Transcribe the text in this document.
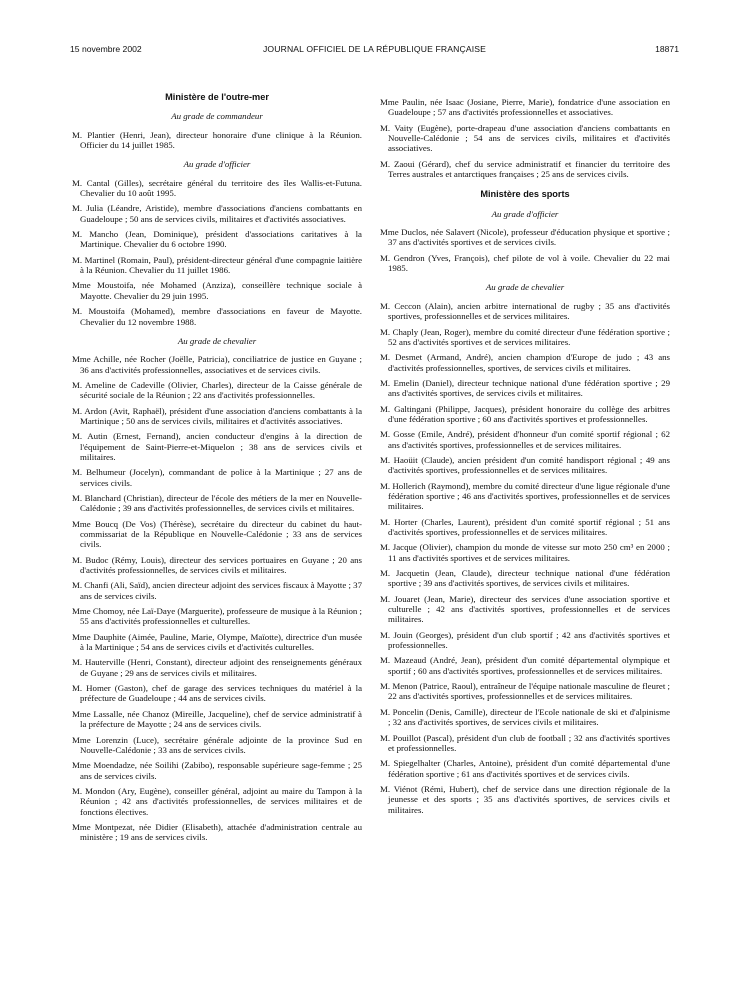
15 novembre 2002	JOURNAL OFFICIEL DE LA RÉPUBLIQUE FRANÇAISE	18871
Ministère de l'outre-mer
Au grade de commandeur

M. Plantier (Henri, Jean), directeur honoraire d'une clinique à la Réunion. Officier du 14 juillet 1985.

Au grade d'officier

M. Cantal (Gilles), secrétaire général du territoire des îles Wallis-et-Futuna. Chevalier du 10 août 1995.

M. Julia (Léandre, Aristide), membre d'associations d'anciens combattants en Guadeloupe ; 50 ans de services civils, militaires et d'activités associatives.

M. Mancho (Jean, Dominique), président d'associations caritatives à la Martinique. Chevalier du 6 octobre 1990.

M. Martinel (Romain, Paul), président-directeur général d'une compagnie laitière à la Réunion. Chevalier du 11 juillet 1986.

Mme Moustoifa, née Mohamed (Anziza), conseillère technique sociale à Mayotte. Chevalier du 29 juin 1995.

M. Moustoifa (Mohamed), membre d'associations en faveur de Mayotte. Chevalier du 12 novembre 1988.

Au grade de chevalier

Mme Achille, née Rocher (Joëlle, Patricia), conciliatrice de justice en Guyane ; 36 ans d'activités professionnelles, associatives et de services civils.

M. Ameline de Cadeville (Olivier, Charles), directeur de la Caisse générale de sécurité sociale de la Réunion ; 22 ans d'activités professionnelles.

M. Ardon (Avit, Raphaël), président d'une association d'anciens combattants à la Martinique ; 50 ans de services civils, militaires et d'activités associatives.

M. Autin (Ernest, Fernand), ancien conducteur d'engins à la direction de l'équipement de Saint-Pierre-et-Miquelon ; 38 ans de services civils et militaires.

M. Belhumeur (Jocelyn), commandant de police à la Martinique ; 27 ans de services civils.

M. Blanchard (Christian), directeur de l'école des métiers de la mer en Nouvelle-Calédonie ; 39 ans d'activités professionnelles, de services civils et militaires.

Mme Boucq (De Vos) (Thérèse), secrétaire du directeur du cabinet du haut-commissariat de la République en Nouvelle-Calédonie ; 33 ans de services civils.

M. Budoc (Rémy, Louis), directeur des services portuaires en Guyane ; 20 ans d'activités professionnelles, de services civils et militaires.

M. Chanfi (Ali, Saïd), ancien directeur adjoint des services fiscaux à Mayotte ; 37 ans de services civils.

Mme Chomoy, née Laï-Daye (Marguerite), professeure de musique à la Réunion ; 55 ans d'activités professionnelles et culturelles.

Mme Dauphite (Aimée, Pauline, Marie, Olympe, Maïotte), directrice d'un musée à la Martinique ; 54 ans de services civils et d'activités culturelles.

M. Hauterville (Henri, Constant), directeur adjoint des renseignements généraux de Guyane ; 29 ans de services civils et militaires.

M. Homer (Gaston), chef de garage des services techniques du matériel à la préfecture de Guadeloupe ; 44 ans de services civils.

Mme Lassalle, née Chanoz (Mireille, Jacqueline), chef de service administratif à la préfecture de Mayotte ; 24 ans de services civils.

Mme Lorenzin (Luce), secrétaire générale adjointe de la province Sud en Nouvelle-Calédonie ; 33 ans de services civils.

Mme Moendadze, née Soilihi (Zabibo), responsable supérieure sage-femme ; 25 ans de services civils.

M. Mondon (Ary, Eugène), conseiller général, adjoint au maire du Tampon à la Réunion ; 42 ans d'activités professionnelles, de services militaires et de fonctions électives.

Mme Montpezat, née Didier (Elisabeth), attachée d'administration centrale au ministère ; 19 ans de services civils.

Mme Paulin, née Isaac (Josiane, Pierre, Marie), fondatrice d'une association en Guadeloupe ; 57 ans d'activités professionnelles et associatives.

M. Vaity (Eugène), porte-drapeau d'une association d'anciens combattants en Nouvelle-Calédonie ; 54 ans de services civils, militaires et d'activités associatives.

M. Zaoui (Gérard), chef du service administratif et financier du territoire des Terres australes et antarctiques françaises ; 25 ans de services civils.

Ministère des sports
Au grade d'officier

Mme Duclos, née Salavert (Nicole), professeur d'éducation physique et sportive ; 37 ans d'activités sportives et de services civils.

M. Gendron (Yves, François), chef pilote de vol à voile. Chevalier du 22 mai 1985.

Au grade de chevalier

M. Ceccon (Alain), ancien arbitre international de rugby ; 35 ans d'activités sportives, professionnelles et de services militaires.

M. Chaply (Jean, Roger), membre du comité directeur d'une fédération sportive ; 52 ans d'activités sportives et de services militaires.

M. Desmet (Armand, André), ancien champion d'Europe de judo ; 43 ans d'activités professionnelles, sportives, de services civils et militaires.

M. Emelin (Daniel), directeur technique national d'une fédération sportive ; 29 ans d'activités sportives, de services civils et militaires.

M. Galtingani (Philippe, Jacques), président honoraire du collège des arbitres d'une fédération sportive ; 60 ans d'activités sportives et professionnelles.

M. Gosse (Emile, André), président d'honneur d'un comité sportif régional ; 62 ans d'activités sportives, professionnelles et de services militaires.

M. Haoüit (Claude), ancien président d'un comité handisport régional ; 49 ans d'activités sportives, professionnelles et de services militaires.

M. Hollerich (Raymond), membre du comité directeur d'une ligue régionale d'une fédération sportive ; 46 ans d'activités sportives, professionnelles et de services militaires.

M. Horter (Charles, Laurent), président d'un comité sportif régional ; 51 ans d'activités sportives, professionnelles et de services militaires.

M. Jacque (Olivier), champion du monde de vitesse sur moto 250 cm³ en 2000 ; 11 ans d'activités sportives et de services militaires.

M. Jacquetin (Jean, Claude), directeur technique national d'une fédération sportive ; 39 ans d'activités sportives, de services civils et militaires.

M. Jouaret (Jean, Marie), directeur des services d'une association sportive et culturelle ; 42 ans d'activités sportives, professionnelles et de services militaires.

M. Jouin (Georges), président d'un club sportif ; 42 ans d'activités sportives et professionnelles.

M. Mazeaud (André, Jean), président d'un comité départemental olympique et sportif ; 60 ans d'activités sportives, professionnelles et de services militaires.

M. Menon (Patrice, Raoul), entraîneur de l'équipe nationale masculine de fleuret ; 22 ans d'activités sportives, professionnelles et de services militaires.

M. Poncelin (Denis, Camille), directeur de l'Ecole nationale de ski et d'alpinisme ; 32 ans d'activités sportives, de services civils et militaires.

M. Pouillot (Pascal), président d'un club de football ; 32 ans d'activités sportives et professionnelles.

M. Spiegelhalter (Charles, Antoine), président d'un comité départemental d'une fédération sportive ; 61 ans d'activités sportives et de services civils.

M. Viénot (Rémi, Hubert), chef de service dans une direction régionale de la jeunesse et des sports ; 35 ans d'activités sportives, de services civils et militaires.
